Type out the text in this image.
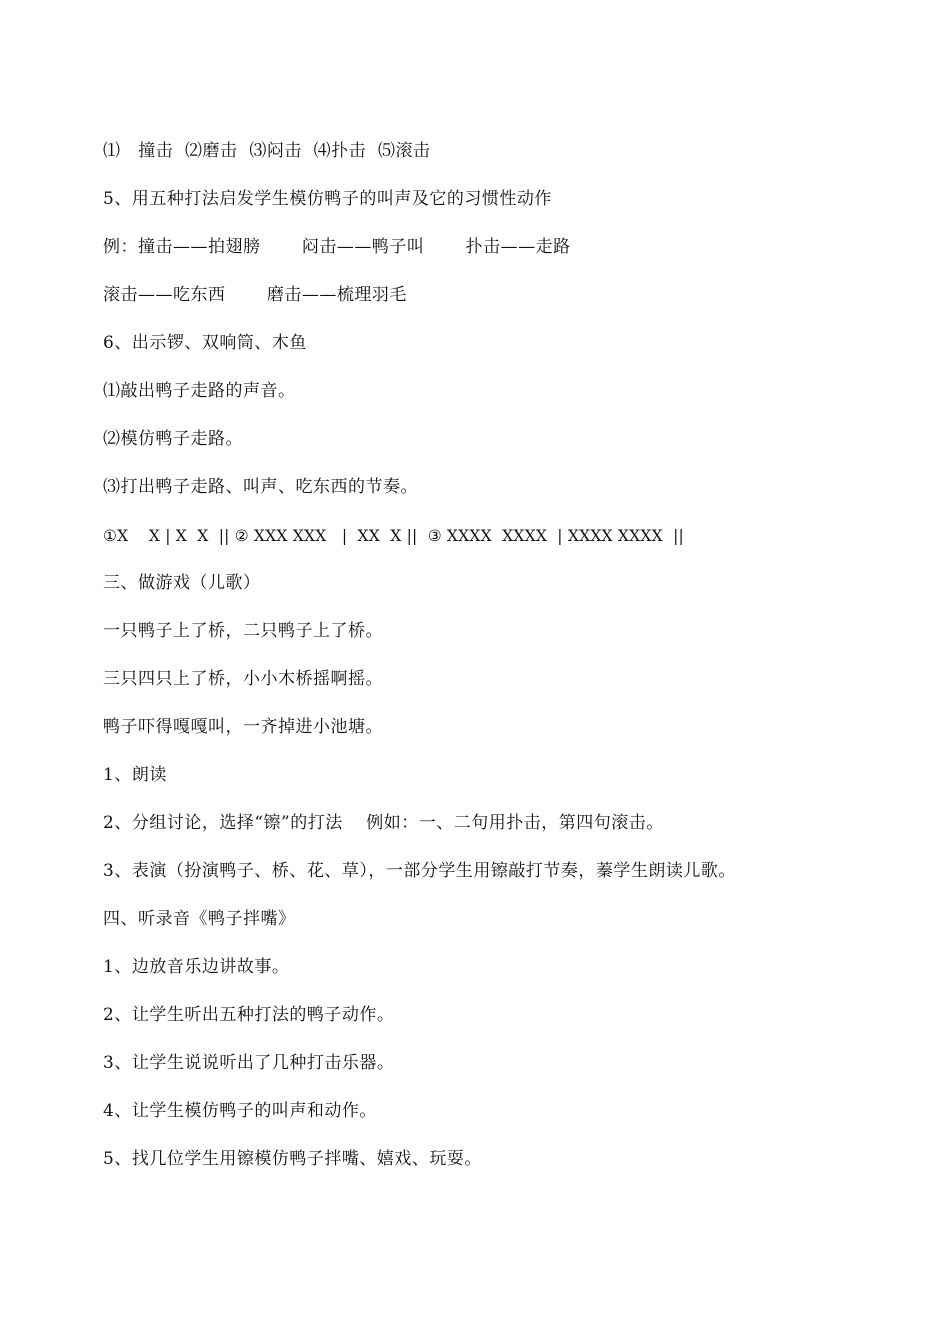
⑴   撞击  ⑵磨击  ⑶闷击  ⑷扑击  ⑸滚击
5、用五种打法启发学生模仿鸭子的叫声及它的习惯性动作
例：撞击——拍翅膀       闷击——鸭子叫       扑击——走路
滚击——吃东西       磨击——梳理羽毛
6、出示锣、双响筒、木鱼
⑴敲出鸭子走路的声音。
⑵模仿鸭子走路。
⑶打出鸭子走路、叫声、吃东西的节奏。
①X    X | X  X  || ② XXX XXX   |  XX  X ||  ③ XXXX  XXXX  | XXXX XXXX  ||
三、做游戏（儿歌）
一只鸭子上了桥，二只鸭子上了桥。
三只四只上了桥，小小木桥摇啊摇。
鸭子吓得嘎嘎叫，一齐掉进小池塘。
1、朗读
2、分组讨论，选择“镲”的打法    例如：一、二句用扑击，第四句滚击。
3、表演（扮演鸭子、桥、花、草），一部分学生用镲敲打节奏，蓁学生朗读儿歌。
四、听录音《鸭子拌嘴》
1、边放音乐边讲故事。
2、让学生听出五种打法的鸭子动作。
3、让学生说说听出了几种打击乐器。
4、让学生模仿鸭子的叫声和动作。
5、找几位学生用镲模仿鸭子拌嘴、嬉戏、玩耍。
